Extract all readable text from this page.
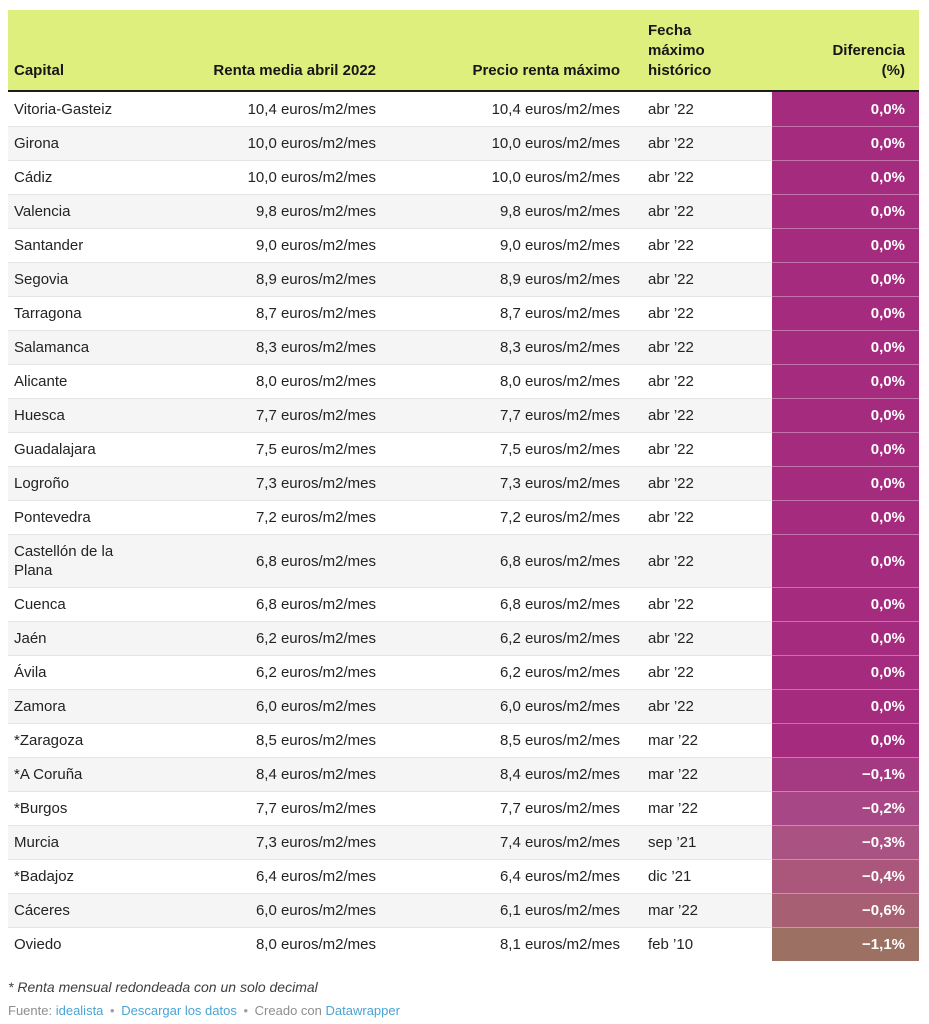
Capital	Renta media abril 2022	Precio renta máximo	Fecha máximo histórico	Diferencia (%)
Vitoria-Gasteiz	10,4 euros/m2/mes	10,4 euros/m2/mes	abr ’22	0,0%
Girona	10,0 euros/m2/mes	10,0 euros/m2/mes	abr ’22	0,0%
Cádiz	10,0 euros/m2/mes	10,0 euros/m2/mes	abr ’22	0,0%
Valencia	9,8 euros/m2/mes	9,8 euros/m2/mes	abr ’22	0,0%
Santander	9,0 euros/m2/mes	9,0 euros/m2/mes	abr ’22	0,0%
Segovia	8,9 euros/m2/mes	8,9 euros/m2/mes	abr ’22	0,0%
Tarragona	8,7 euros/m2/mes	8,7 euros/m2/mes	abr ’22	0,0%
Salamanca	8,3 euros/m2/mes	8,3 euros/m2/mes	abr ’22	0,0%
Alicante	8,0 euros/m2/mes	8,0 euros/m2/mes	abr ’22	0,0%
Huesca	7,7 euros/m2/mes	7,7 euros/m2/mes	abr ’22	0,0%
Guadalajara	7,5 euros/m2/mes	7,5 euros/m2/mes	abr ’22	0,0%
Logroño	7,3 euros/m2/mes	7,3 euros/m2/mes	abr ’22	0,0%
Pontevedra	7,2 euros/m2/mes	7,2 euros/m2/mes	abr ’22	0,0%
Castellón de la Plana	6,8 euros/m2/mes	6,8 euros/m2/mes	abr ’22	0,0%
Cuenca	6,8 euros/m2/mes	6,8 euros/m2/mes	abr ’22	0,0%
Jaén	6,2 euros/m2/mes	6,2 euros/m2/mes	abr ’22	0,0%
Ávila	6,2 euros/m2/mes	6,2 euros/m2/mes	abr ’22	0,0%
Zamora	6,0 euros/m2/mes	6,0 euros/m2/mes	abr ’22	0,0%
*Zaragoza	8,5 euros/m2/mes	8,5 euros/m2/mes	mar ’22	0,0%
*A Coruña	8,4 euros/m2/mes	8,4 euros/m2/mes	mar ’22	−0,1%
*Burgos	7,7 euros/m2/mes	7,7 euros/m2/mes	mar ’22	−0,2%
Murcia	7,3 euros/m2/mes	7,4 euros/m2/mes	sep ’21	−0,3%
*Badajoz	6,4 euros/m2/mes	6,4 euros/m2/mes	dic ’21	−0,4%
Cáceres	6,0 euros/m2/mes	6,1 euros/m2/mes	mar ’22	−0,6%
Oviedo	8,0 euros/m2/mes	8,1 euros/m2/mes	feb ’10	−1,1%
* Renta mensual redondeada con un solo decimal
Fuente: idealista • Descargar los datos • Creado con Datawrapper
